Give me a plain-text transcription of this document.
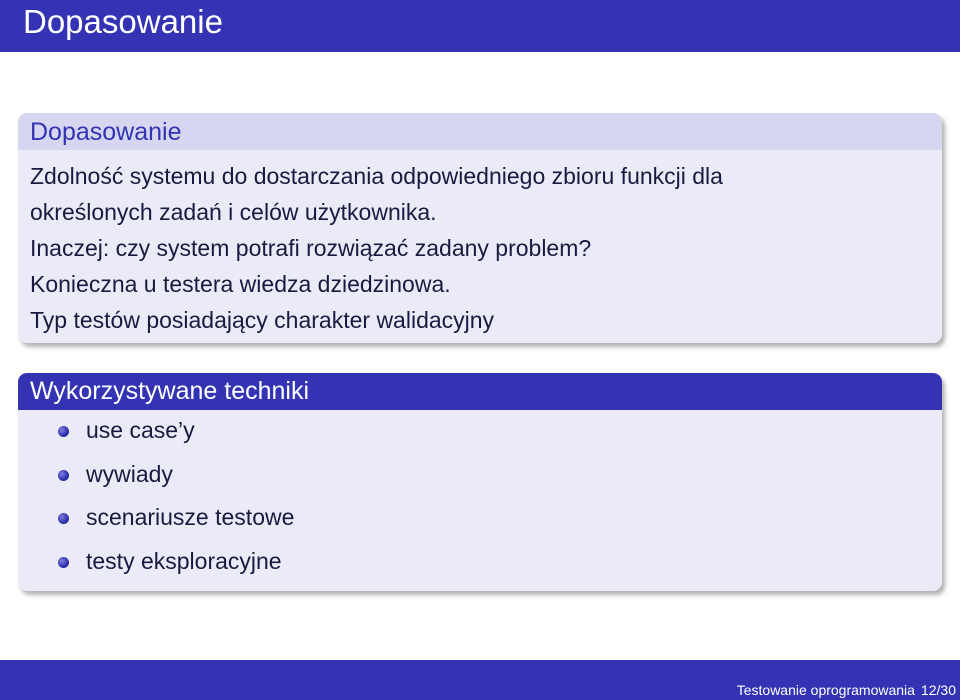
Dopasowanie
Dopasowanie
Zdolność systemu do dostarczania odpowiedniego zbioru funkcji dla
określonych zadań i celów użytkownika.
Inaczej: czy system potrafi rozwiązać zadany problem?
Konieczna u testera wiedza dziedzinowa.
Typ testów posiadający charakter walidacyjny
Wykorzystywane techniki
use case’y
wywiady
scenariusze testowe
testy eksploracyjne
Testowanie oprogramowania 12/30
